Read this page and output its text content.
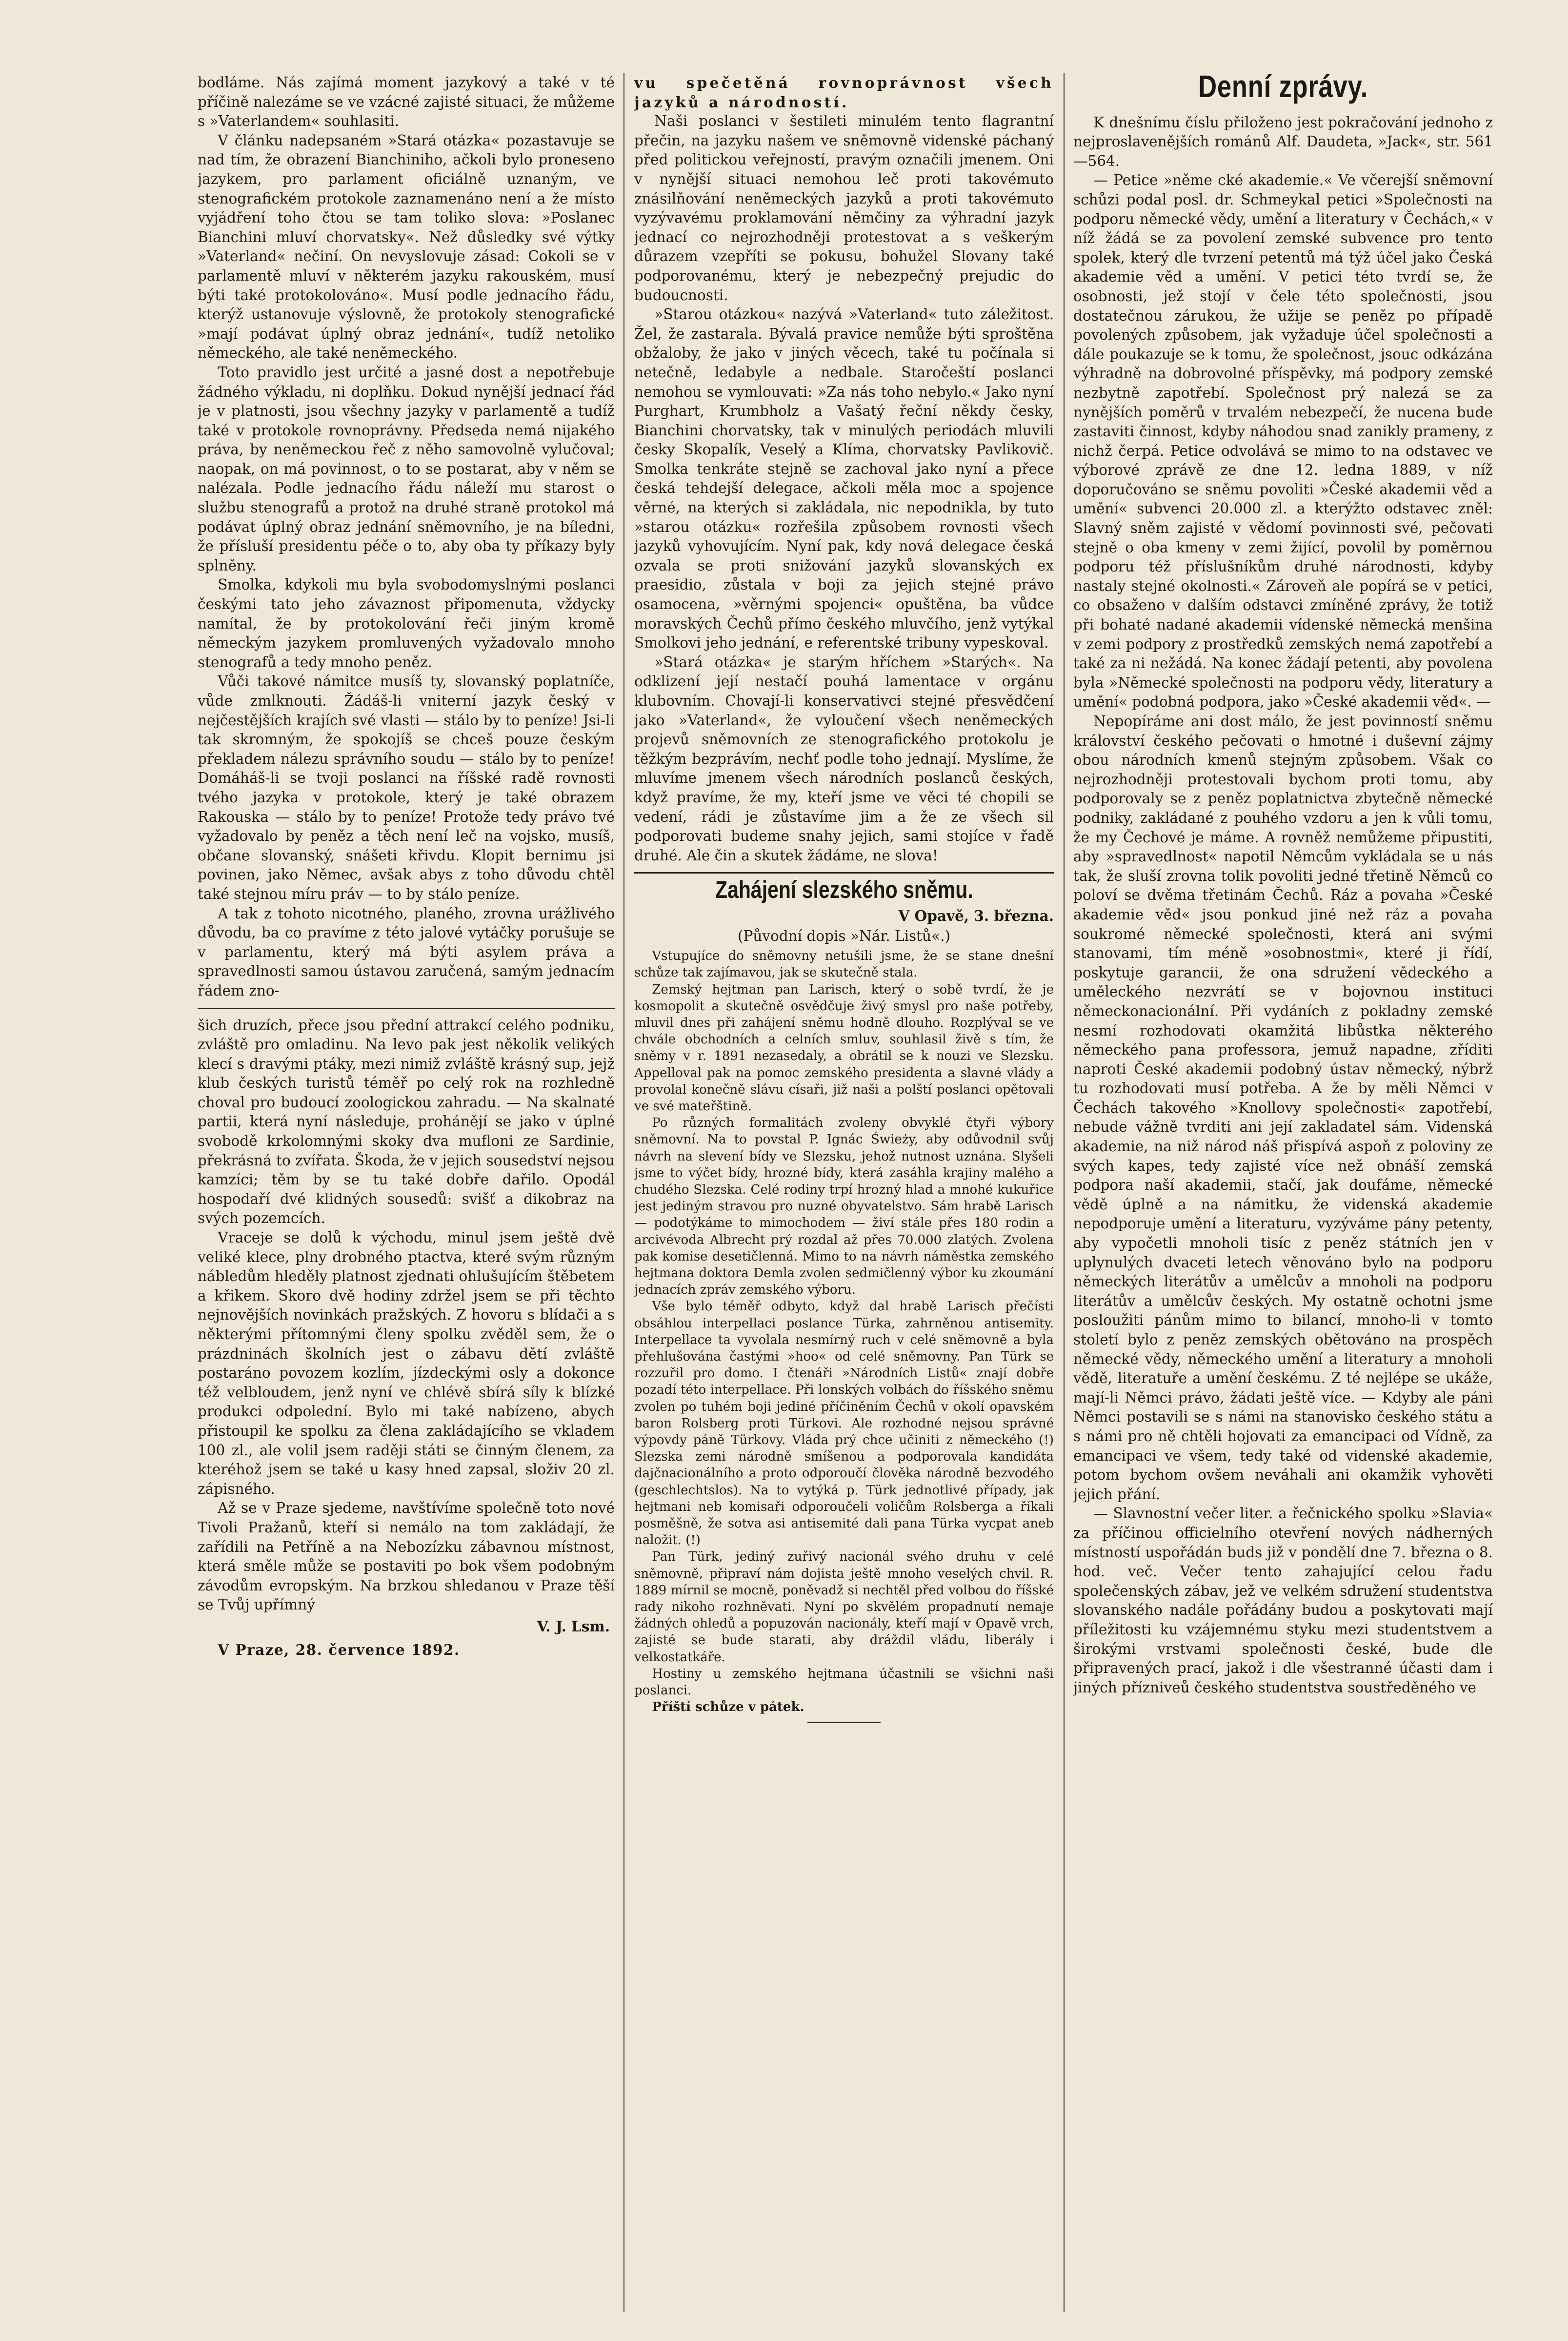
bodláme. Nás zajímá moment jazykový a také v té příčině nalezáme se ve vzácné zajisté situaci, že můžeme s »Vaterlandem« souhlasiti.

V článku nadepsaném »Stará otázka« pozastavuje se nad tím, že obrazení Bianchiniho, ačkoli bylo proneseno jazykem, pro parlament oficiálně uznaným, ve stenografickém protokole zaznamenáno není a že místo vyjádření toho čtou se tam toliko slova: »Poslanec Bianchini mluví chorvatsky«. Než důsledky své výtky »Vaterland« nečiní. On nevyslovuje zásad: Cokoli se v parlamentě mluví v některém jazyku rakouském, musí býti také protokolováno«. Musí podle jednacího řádu, kterýž ustanovuje výslovně, že protokoly stenografické »mají podávat úplný obraz jednání«, tudíž netoliko německého, ale také neněmeckého.

Toto pravidlo jest určité a jasné dost a nepotřebuje žádného výkladu, ni doplňku. Dokud nynější jednací řád je v platnosti, jsou všechny jazyky v parlamentě a tudíž také v protokole rovnoprávny. Předseda nemá nijakého práva, by neněmeckou řeč z něho samovolně vylučoval; naopak, on má povinnost, o to se postarat, aby v něm se nalézala. Podle jednacího řádu náleží mu starost o službu stenografů a protož na druhé straně protokol má podávat úplný obraz jednání sněmovního, je na bíledni, že přísluší presidentu péče o to, aby oba ty příkazy byly splněny.

Smolka, kdykoli mu byla svobodomyslnými poslanci českými tato jeho závaznost připomenuta, vždycky namítal, že by protokolování řeči jiným kromě německým jazykem promluvených vyžadovalo mnoho stenografů a tedy mnoho peněz.

Vůči takové námitce musíš ty, slovanský poplatníče, vůde zmlknouti. Žádáš-li vniterní jazyk český v nejčestějších krajích své vlasti — stálo by to peníze! Jsi-li tak skromným, že spokojíš se chceš pouze českým překladem nálezu správního soudu — stálo by to peníze! Domáháš-li se tvoji poslanci na říšské radě rovnosti tvého jazyka v protokole, který je také obrazem Rakouska — stálo by to peníze! Protože tedy právo tvé vyžadovalo by peněz a těch není leč na vojsko, musíš, občane slovanský, snášeti křivdu. Klopit bernimu jsi povinen, jako Němec, avšak abys z toho důvodu chtěl také stejnou míru práv — to by stálo peníze.

A tak z tohoto nicotného, planého, zrovna urážlivého důvodu, ba co pravíme z této jalové vytáčky porušuje se v parlamentu, který má býti asylem práva a spravedlnosti samou ústavou zaručená, samým jednacím řádem zno-

šich druzích, přece jsou přední attrakcí celého podniku, zvláště pro omladinu. Na levo pak jest několik velikých klecí s dravými ptáky, mezi nimiž zvláště krásný sup, jejž klub českých turistů téměř po celý rok na rozhledně choval pro budoucí zoologickou zahradu. — Na skalnaté partii, která nyní následuje, prohánějí se jako v úplné svobodě krkolomnými skoky dva mufloni ze Sardinie, překrásná to zvířata. Škoda, že v jejich sousedství nejsou kamzíci; těm by se tu také dobře dařilo. Opodál hospodaří dvé klidných sousedů: svišť a dikobraz na svých pozemcích.

Vraceje se dolů k východu, minul jsem ještě dvě veliké klece, plny drobného ptactva, které svým různým nábledům hleděly platnost zjednati ohlušujícím štěbetem a křikem. Skoro dvě hodiny zdržel jsem se při těchto nejnovějších novinkách pražských. Z hovoru s blídači a s některými přítomnými členy spolku zvěděl sem, že o prázdninách školních jest o zábavu dětí zvláště postaráno povozem kozlím, jízdeckými osly a dokonce též velbloudem, jenž nyní ve chlévě sbírá síly k blízké produkci odpolední. Bylo mi také nabízeno, abych přistoupil ke spolku za člena zakládajícího se vkladem 100 zl., ale volil jsem raději státi se činným členem, za kteréhož jsem se také u kasy hned zapsal, složiv 20 zl. zápisného.

Až se v Praze sjedeme, navštívíme společně toto nové Tivoli Pražanů, kteří si nemálo na tom zakládají, že zařídili na Petříně a na Nebozízku zábavnou místnost, která směle může se postaviti po bok všem podobným závodům evropským. Na brzkou shledanou v Praze těší se Tvůj upřímný

V. J. Lsm.

V Praze, 28. července 1892.

vu spečetěná rovnoprávnost všech jazyků a národností.

Naši poslanci v šestileti minulém tento flagrantní přečin, na jazyku našem ve sněmovně videnské páchaný před politickou veřejností, pravým označili jmenem. Oni v nynější situaci nemohou leč proti takovémuto znásilňování neněmeckých jazyků a proti takovémuto vyzývavému proklamování němčiny za výhradní jazyk jednací co nejrozhodněji protestovat a s veškerým důrazem vzepříti se pokusu, bohužel Slovany také podporovanému, který je nebezpečný prejudic do budoucnosti.

»Starou otázkou« nazývá »Vaterland« tuto záležitost. Žel, že zastarala. Bývalá pravice nemůže býti sproštěna obžaloby, že jako v jiných věcech, také tu počínala si netečně, ledabyle a nedbale. Staročeští poslanci nemohou se vymlouvati: »Za nás toho nebylo.« Jako nyní Purghart, Krumbholz a Vašatý řeční někdy česky, Bianchini chorvatsky, tak v minulých periodách mluvili česky Skopalík, Veselý a Klíma, chorvatsky Pavlikovič. Smolka tenkráte stejně se zachoval jako nyní a přece česká tehdejší delegace, ačkoli měla moc a spojence věrné, na kterých si zakládala, nic nepodnikla, by tuto »starou otázku« rozřešila způsobem rovnosti všech jazyků vyhovujícím. Nyní pak, kdy nová delegace česká ozvala se proti snižování jazyků slovanských ex praesidio, zůstala v boji za jejich stejné právo osamocena, »věrnými spojenci« opuštěna, ba vůdce moravských Čechů přímo českého mluvčího, jenž vytýkal Smolkovi jeho jednání, e referentské tribuny vypeskoval.

»Stará otázka« je starým hříchem »Starých«. Na odklizení její nestačí pouhá lamentace v orgánu klubovním. Chovají-li konservativci stejné přesvědčení jako »Vaterland«, že vyloučení všech neněmeckých projevů sněmovních ze stenografického protokolu je těžkým bezprávím, nechť podle toho jednají. Myslíme, že mluvíme jmenem všech národních poslanců českých, když pravíme, že my, kteří jsme ve věci té chopili se vedení, rádi je zůstavíme jim a že ze všech sil podporovati budeme snahy jejich, sami stojíce v řadě druhé. Ale čin a skutek žádáme, ne slova!

Zahájení slezského sněmu.
V Opavě, 3. března.
(Původní dopis »Nár. Listů«.)

Vstupujíce do sněmovny netušili jsme, že se stane dnešní schůze tak zajímavou, jak se skutečně stala.

Zemský hejtman pan Larisch, který o sobě tvrdí, že je kosmopolit a skutečně osvědčuje živý smysl pro naše potřeby, mluvil dnes při zahájení sněmu hodně dlouho. Rozplýval se ve chvále obchodních a celních smluv, souhlasil živě s tím, že sněmy v r. 1891 nezasedaly, a obrátil se k nouzi ve Slezsku. Appelloval pak na pomoc zemského presidenta a slavné vlády a provolal konečně slávu císaři, již naši a polští poslanci opětovali ve své mateřštině.

Po různých formalitách zvoleny obvyklé čtyři výbory sněmovní. Na to povstal P. Ignác Świeży, aby odůvodnil svůj návrh na slevení bídy ve Slezsku, jehož nutnost uznána. Slyšeli jsme to výčet bídy, hrozné bídy, která zasáhla krajiny malého a chudého Slezska. Celé rodiny trpí hrozný hlad a mnohé kukuřice jest jediným stravou pro nuzné obyvatelstvo. Sám hrabě Larisch — podotýkáme to mimochodem — živí stále přes 180 rodin a arcivévoda Albrecht prý rozdal až přes 70.000 zlatých. Zvolena pak komise desetičlenná. Mimo to na návrh náměstka zemského hejtmana doktora Demla zvolen sedmičlenný výbor ku zkoumání jednacích zpráv zemského výboru.

Vše bylo téměř odbyto, když dal hrabě Larisch přečísti obsáhlou interpellaci poslance Türka, zahrněnou antisemity. Interpellace ta vyvolala nesmírný ruch v celé sněmovně a byla přehlušována častými »hoo« od celé sněmovny. Pan Türk se rozzuřil pro domo. I čtenáři »Národních Listů« znají dobře pozadí této interpellace. Při lonských volbách do říšského sněmu zvolen po tuhém boji jediné příčiněním Čechů v okolí opavském baron Rolsberg proti Türkovi. Ale rozhodné nejsou správné výpovdy páně Türkovy. Vláda prý chce učiniti z německého (!) Slezska zemi národně smíšenou a podporovala kandidáta dajčnacionálního a proto odporoučí člověka národně bezvodého (geschlechtslos). Na to vytýká p. Türk jednotlivé případy, jak hejtmani neb komisaři odporoučeli voličům Rolsberga a říkali posměšně, že sotva asi antisemité dali pana Türka vycpat aneb naložit. (!)

Pan Türk, jediný zuřivý nacionál svého druhu v celé sněmovně, připraví nám dojista ještě mnoho veselých chvil. R. 1889 mírnil se mocně, poněvadž si nechtěl před volbou do říšské rady nikoho rozhněvati. Nyní po skvělém propadnutí nemaje žádných ohledů a popuzován nacionály, kteří mají v Opavě vrch, zajisté se bude starati, aby dráždil vládu, liberály i velkostatkáře.

Hostiny u zemského hejtmana účastnili se všichni naši poslanci.

Příští schůze v pátek.

Denní zprávy.

K dnešnímu číslu přiloženo jest pokračování jednoho z nejproslavenějších románů Alf. Daudeta, »Jack«, str. 561—564.

— Petice »něme cké akademie.« Ve včerejší sněmovní schůzi podal posl. dr. Schmeykal petici »Společnosti na podporu německé vědy, umění a literatury v Čechách,« v níž žádá se za povolení zemské subvence pro tento spolek, který dle tvrzení petentů má týž účel jako Česká akademie věd a umění. V petici této tvrdí se, že osobnosti, jež stojí v čele této společnosti, jsou dostatečnou zárukou, že užije se peněz po případě povolených způsobem, jak vyžaduje účel společnosti a dále poukazuje se k tomu, že společnost, jsouc odkázána výhradně na dobrovolné příspěvky, má podpory zemské nezbytně zapotřebí. Společnost prý nalezá se za nynějších poměrů v trvalém nebezpečí, že nucena bude zastaviti činnost, kdyby náhodou snad zanikly prameny, z nichž čerpá. Petice odvolává se mimo to na odstavec ve výborové zprávě ze dne 12. ledna 1889, v níž doporučováno se sněmu povoliti »České akademii věd a umění« subvenci 20.000 zl. a kterýžto odstavec zněl: Slavný sněm zajisté v vědomí povinnosti své, pečovati stejně o oba kmeny v zemi žijící, povolil by poměrnou podporu též příslušníkům druhé národnosti, kdyby nastaly stejné okolnosti.« Zároveň ale popírá se v petici, co obsaženo v dalším odstavci zmíněné zprávy, že totiž při bohaté nadané akademii vídenské německá menšina v zemi podpory z prostředků zemských nemá zapotřebí a také za ni nežádá. Na konec žádají petenti, aby povolena byla »Německé společnosti na podporu vědy, literatury a umění« podobná podpora, jako »České akademii věd«. —

Nepopíráme ani dost málo, že jest povinností sněmu království českého pečovati o hmotné i duševní zájmy obou národních kmenů stejným způsobem. Však co nejrozhodněji protestovali bychom proti tomu, aby podporovaly se z peněz poplatnictva zbytečně německé podniky, zakládané z pouhého vzdoru a jen k vůli tomu, že my Čechové je máme. A rovněž nemůžeme připustiti, aby »spravedlnost« napotil Němcům vykládala se u nás tak, že sluší zrovna tolik povoliti jedné třetině Němců co poloví se dvěma třetinám Čechů. Ráz a povaha »České akademie věd« jsou ponkud jiné než ráz a povaha soukromé německé společnosti, která ani svými stanovami, tím méně »osobnostmi«, které ji řídí, poskytuje garancii, že ona sdružení vědeckého a uměleckého nezvrátí se v bojovnou instituci německonacionální. Při vydáních z pokladny zemské nesmí rozhodovati okamžitá libůstka některého německého pana professora, jemuž napadne, zříditi naproti České akademii podobný ústav německý, nýbrž tu rozhodovati musí potřeba. A že by měli Němci v Čechách takového »Knollovy společnosti« zapotřebí, nebude vážně tvrditi ani její zakladatel sám. Videnská akademie, na niž národ náš přispívá aspoň z poloviny ze svých kapes, tedy zajisté více než obnáší zemská podpora naší akademii, stačí, jak doufáme, německé vědě úplně a na námitku, že videnská akademie nepodporuje umění a literaturu, vyzýváme pány petenty, aby vypočetli mnoholi tisíc z peněz státních jen v uplynulých dvaceti letech věnováno bylo na podporu německých literátův a umělcův a mnoholi na podporu literátův a umělcův českých. My ostatně ochotni jsme posloužiti pánům mimo to bilancí, mnoho-li v tomto století bylo z peněz zemských obětováno na prospěch německé vědy, německého umění a literatury a mnoholi vědě, literatuře a umění českému. Z té nejlépe se ukáže, mají-li Němci právo, žádati ještě více. — Kdyby ale páni Němci postavili se s námi na stanovisko českého státu a s námi pro ně chtěli hojovati za emancipaci od Vídně, za emancipaci ve všem, tedy také od videnské akademie, potom bychom ovšem neváhali ani okamžik vyhověti jejich přání.

— Slavnostní večer liter. a řečnického spolku »Slavia« za příčinou officielního otevření nových nádherných místností uspořádán buds již v pondělí dne 7. března o 8. hod. več. Večer tento zahajující celou řadu společenských zábav, jež ve velkém sdružení studentstva slovanského nadále pořádány budou a poskytovati mají příležitosti ku vzájemnému styku mezi studentstvem a širokými vrstvami společnosti české, bude dle připravených prací, jakož i dle všestranné účasti dam i jiných přízniveů českého studentstva soustředěného ve
